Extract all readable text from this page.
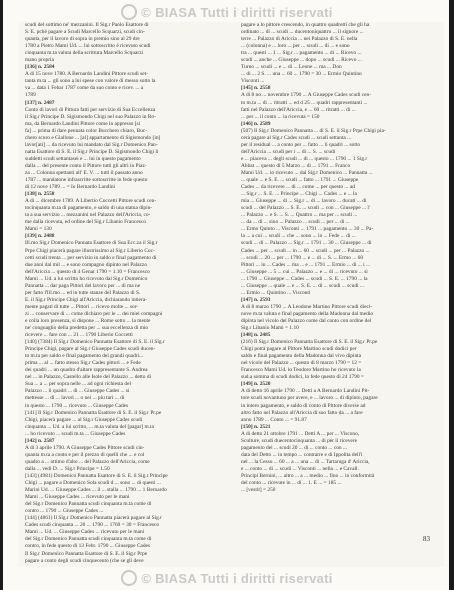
scudi del sottimo ne' mezzanini. Il Sig.r Paolo Esattore di

S. E. pchè pagare a Scudi Marcello Scquarzi, scudi cin-

quanta, per il lavoro di sopra in premio sino al 29 dre

1780 a Pietro Mami Ud. ... lui sottoscritto è ricevuto scudi

cinquanta m.ta valuta della scrittura Marcello Scquarzi

mano propria

[136] n. 2584

A di 15 nove 1780. A Bernardo Landini Pittore scudi set-

tanta m.ta ... gli sono a lui spese con valore di messo sotto la

va ... data 1 Febar 1787 come da suo conto e ricev. ... a

1789

[137] n. 2487

Conto di lavori di Pittura fatti per servizio di Sua Eccellenza

il Sig.r Principe D. Sigismondo Chigi nel suo Palazzo in Ro-

ma, da Bernardo Landini Pittore come in appresso [si

fa] ... prima di dare pennata color Bucchero chiaro, Buc-

chero scuro e Giallone ... [al] appartamento di Sigismondo [in]

lavor[ati] ... da ricevuto lui mandato dal Sig.r Domenico Pan-

natta Esattore di S. E. il Sig.r Principe D. Sigismondo Chigi li

suddetti scudi settantasei e ... lui in questo pagamento

dalla ... del presente conto il Pittore tutti gli altri in Piaz-

za ... Colonna spettanti all' E. V. ... tutti il passato anno

1787 ... mandatone infrascritte sottoscritte in fede questo

dì 12 nove 1789 ... = Io Bernardo Landini

[138] n. 2558

A di ... dicembre 1789. A Libertio Coccetti Pittore scudi cen-

tocinquanta m.ta di pagamento, e saldo di una statua dipin-

ta a sua servizio ... mezzanini nel Palazzo dell'Ariccia, co-

me dalla ricevuta, ed ordine del Sig.r Libanio Francesco

Mami = 130

[139] n. 2488

Ill.mo Sig.r Domenico Pannata Esattore di Sua Ecc.za il Sig.r

Prpe Chigi piacerà pagare illustrissimo al Sig.r Liberio Coc-

cetti scudi trenta ... per servizio in saldo e final pagamento di

due anni dal mil ... e sono compagno dipinto nel Palazzo

dell'Ariccia ... questo di 4 Genar 1790 = 1.10 = Francesco

Mami ... Ud. a lui scritto ho ricevuto dal Sig.r Domenico

Pannatta ... dar paga Pittori del lavoro per ... di ma ne

per fatto l'Ill.mo ... ed in tutte stanze del Palazzo di S.

E. il Sig.r Principe Chigi all'Ariccia, dichiarando intiera-

mente pagati di tutte ... Pittori ... ricevo molte ... sor-

zi ... conservare di ... come dichiaro per le ... dei miei compagni

e colla loro presenza, si dispone ... Rome sotto ... la mente

ne' conguaglio della predetta per ... sua eccellenza di mio

ricevere ... fare con ... 21 ... 1790 Liberio Coccetti

[140] (7384) Il Sig.r Domenico Pannatta Esattore di S. E. il Sig.r

Principe Chigi, pagare al Sig.r Giuseppe Cades scudi ducen-

to m.ta per saldo e final pagamento dei grandi quadri...

prima ... al ... fatto stesso Sig.r Cades pittori ... e Fede

dei quadri ... un quadro d'altare rappresentante S. Andrea

nel ... in Palazzo, Castello alle Isole del Palazzo ... detto di

Sua ... a ... per sopra nelle ... ad ogni richiesta del

Palazzo ... li quadri ... di ... Giuseppe Cades ... si

mettesse ... di ... lavori ... o nei ... piu tari ... di

in questo ... 1790 ... ricevuto ... Giuseppe Cades

[141] Il Sig.r Domenico Pannatta Esattore di S. E. il Sig.r Pr.pe

Chigi, piacerà pagare ... al Sig.r Giuseppe Cades scudi

cinquanta ... Ud. a lui scritto, ... m.ta valuta del [pagar] m.ta

... ho ricevuto ... scudi m.ta ... Giuseppe Cades

[142] n. 2587

A di 3 aprile 1790. A Giuseppe Cades Pittore scudi cin-

quanta m.ta a conto e per il prezzo di quelli che ... e col

quadro a ... ottimo d'alto ... del Palazzo dell'Ariccia, come

dalla ... vedi D. ... Sig.r Principe = 1.50

[143] (4981) Domenico Pannatta Esattore di S. E. il Sig.r Principe

Chigi ... pagare a Domenico Sola scudi d ... sono ... di questi ...

Marini Ud. ... Giuseppe Cades ... il ... stalla ... 1790 ... 1 Bernardo

Mami ... Giuseppe Cades ... ricevuto per le mani

del Sig.r Domenico Pannatta scudi cinquanta m.ta come di

contro ... 1790 ... Giuseppe Cades ...

[144] (4861) Il Sig.r Domenico Pannatta piacerà pagare al Sig.r

Cades scudi cinquanta ... 20 ... 1790 ... 1769 = 30 = Francesco

Mami ... Ud. ... Giuseppe Cades ... ricevuto per le mani

del Sig.r Domenico Pannatta scudi cinquanta m.ta come di

contro, in fede questo dì 13 Febr. 1790 ... Giuseppe Cades

Il Sig.r Domenico Pannatta Esattore di S. E. il Sig.r Prpe

pagare a conto degli scudi cinquecento (che se gli deve

pagare a lo pittore crescendo, in quattro quadretti che gli ha

ordinato ... di ... scudi ... ducentoniquattro ... il signore ...

terre ... Palazzo di Ariccia ... nei Palazzo di S. E. nella

... (colonna) e ... loro ... per ... scudi ... di ... e sono

tra ... questi ... 1 ... Sig.r ... pagamento ... di ... Ricevo ...

scudi ... anche ... Giuseppe ... dopo ... scudi ... Ricevo ...

Turno ... scudi ... e ... di ... Leone ... ma ... Don

... di ... 2 S. ... una ... 60 ... 1790 = 30 ... Ermio Quintino

Visconti ...

[145] n. 2558

A di 8 no ... novembre 1790 ... A Giuseppe Cades scudi cen-

to m.ta ... di ... ritratti ... ed d 25 ... quadri rappresentanti ...

fatti nel Palazzo dell'Ariccia, e ... 60 ... ritratti ... di ...

... per ... il conto ... la ricevuta = 150

[146] n. 2589

(507) Il Sig.r Domenico Pannatta ... di S. E. il Sig.r Prpe Chigi pia-

cerà pagare al Sig.r Cades scudi ... scudi settanta ...

per il residual ... a conto per ... fatto ... li quadri ... sotto

dell'Ariccia ... scudi per i ... di ... S. ... scudi

e ... piaceva ... degli scudi ... di ... questo ... 1790 ... 1 Sig.r

Abbat ... questo dì 5 Marzo ... di ... 1791 ... Franco

Mami Ud. ... io ricevuto ... dal Sig.r Domenico ... Pannatta ...

... quale ... e S. E. ... scudi ... fatto ... 1791 ... Giuseppe

Cades ... da ricevere ... di ... come ... per questo ... ad

... Sig.r ... S. E. ... Principe ... Chigi ... Cades ... e ... la

mia ... Giuseppe ... di ... Sig.r ... di ... lavoro ... ducati ... di

scudi ... del Palazzo ... S. E. ... scudi ... con ... Giuseppe ... l'

... Palazzo ... e S. ... S. ... Quattro ... ma per ... scudi ...

... da ... di ... sino ... Palazzo ... scudi ... per ... di ...

... Ermo Quinto ... Visconti ... 1791 ... pagamento ... 30 ... Pa-

la ... a cui ... scudi ... che ... sono ... in ... Fede ... di ...

scudi ... di ... Palazzo ... Sig.r ... 1791 ... 30 ... Giuseppe ... di

Cades ... per ... scudi ... in ... 60 ... scudi ... per ... Palazzo ...

... scudi ... 20 ... per ... 1790 ... e ... di ... S. ... Ermo ... 60

Pittori ... in ... Cades ... ma ... e ... 1791 ... Ermio ... di ... i ...

... Giuseppe ... 5 ... cui ... Palazzo ... e ... di ... ricevuto ... si

... 1790 ... Giuseppe ... Cades ... scudi ... S. E. ... 1790 ... la

... Giuseppe ... quale ... e ... S. E. ... di ... scudi ... scudi ...

... Ermio ... Quintino ... Visconti

[147] n. 2593

A di 8 marzo 1790 ... A Leodone Martino Pittore scudi dieci-

nove m.ta valuta e final pagamento della Madonna dal medio

dipinta nel vicolo del Palazzo come dal conto con ordine del

Sig.r Libanio Mami = 1.10

[148] n. 2485

(216) Il Sig.r Domenico Pannatta Esattore di S. E. il Sig.r Pr.pe

Chigi potrà pagare al Pittore Martino scudi dodici per

saldo e final pagamento della Madonna dal vivo dipinta

nel vicolo del Palazzo ... questo di 8 marzo 1790 = 12 =

Francesco Mami Ud. lo Teodoro Martino ho ricevuto la

sud.a somma di scudi dodici, in fede questo dì 24 1790 =

[149] n. 2520

A di detto 16 aprile 1790 ... Detti a A Bernardo Landini Pit-

tore scudi novantuno per avere, e ... lavoro ... di dipinto, pagare

in intero pagamento, e saldo di conto di Pittore diverse ad

altro fatto nel Palazzo all'Ariccia di suo fatto da ... a fare

anno 1789 ... Conto ... = 91.87

[150] n. 2521

A di detto 21 ottobre 1791 ... Detti A ... per ... Viscono,

Sculture, scudi duecentocinquanta ... di per il ricevere

pagamento del ... scudi 20 ... di ... conto ... con ...

data del Detto ... in tempo ... contrarre e di Ippolita dell'i

nel ... la Cesso ... 60 ... a ... una ... di ... Tartaruga d' Ariccia,

e ... conto ... di ... scudi ... Visconti ... nella ... e Cavall.

Principi Bernini, ... altro ... a ... medio ... fino ... in conformità

del conto ... ricevute in ... di ... 1. E ... = 185 ...

... [vestit] = 250

83
© BIASA Tutti i diritti riservati
© BIASA Tutti i diritti riservati
